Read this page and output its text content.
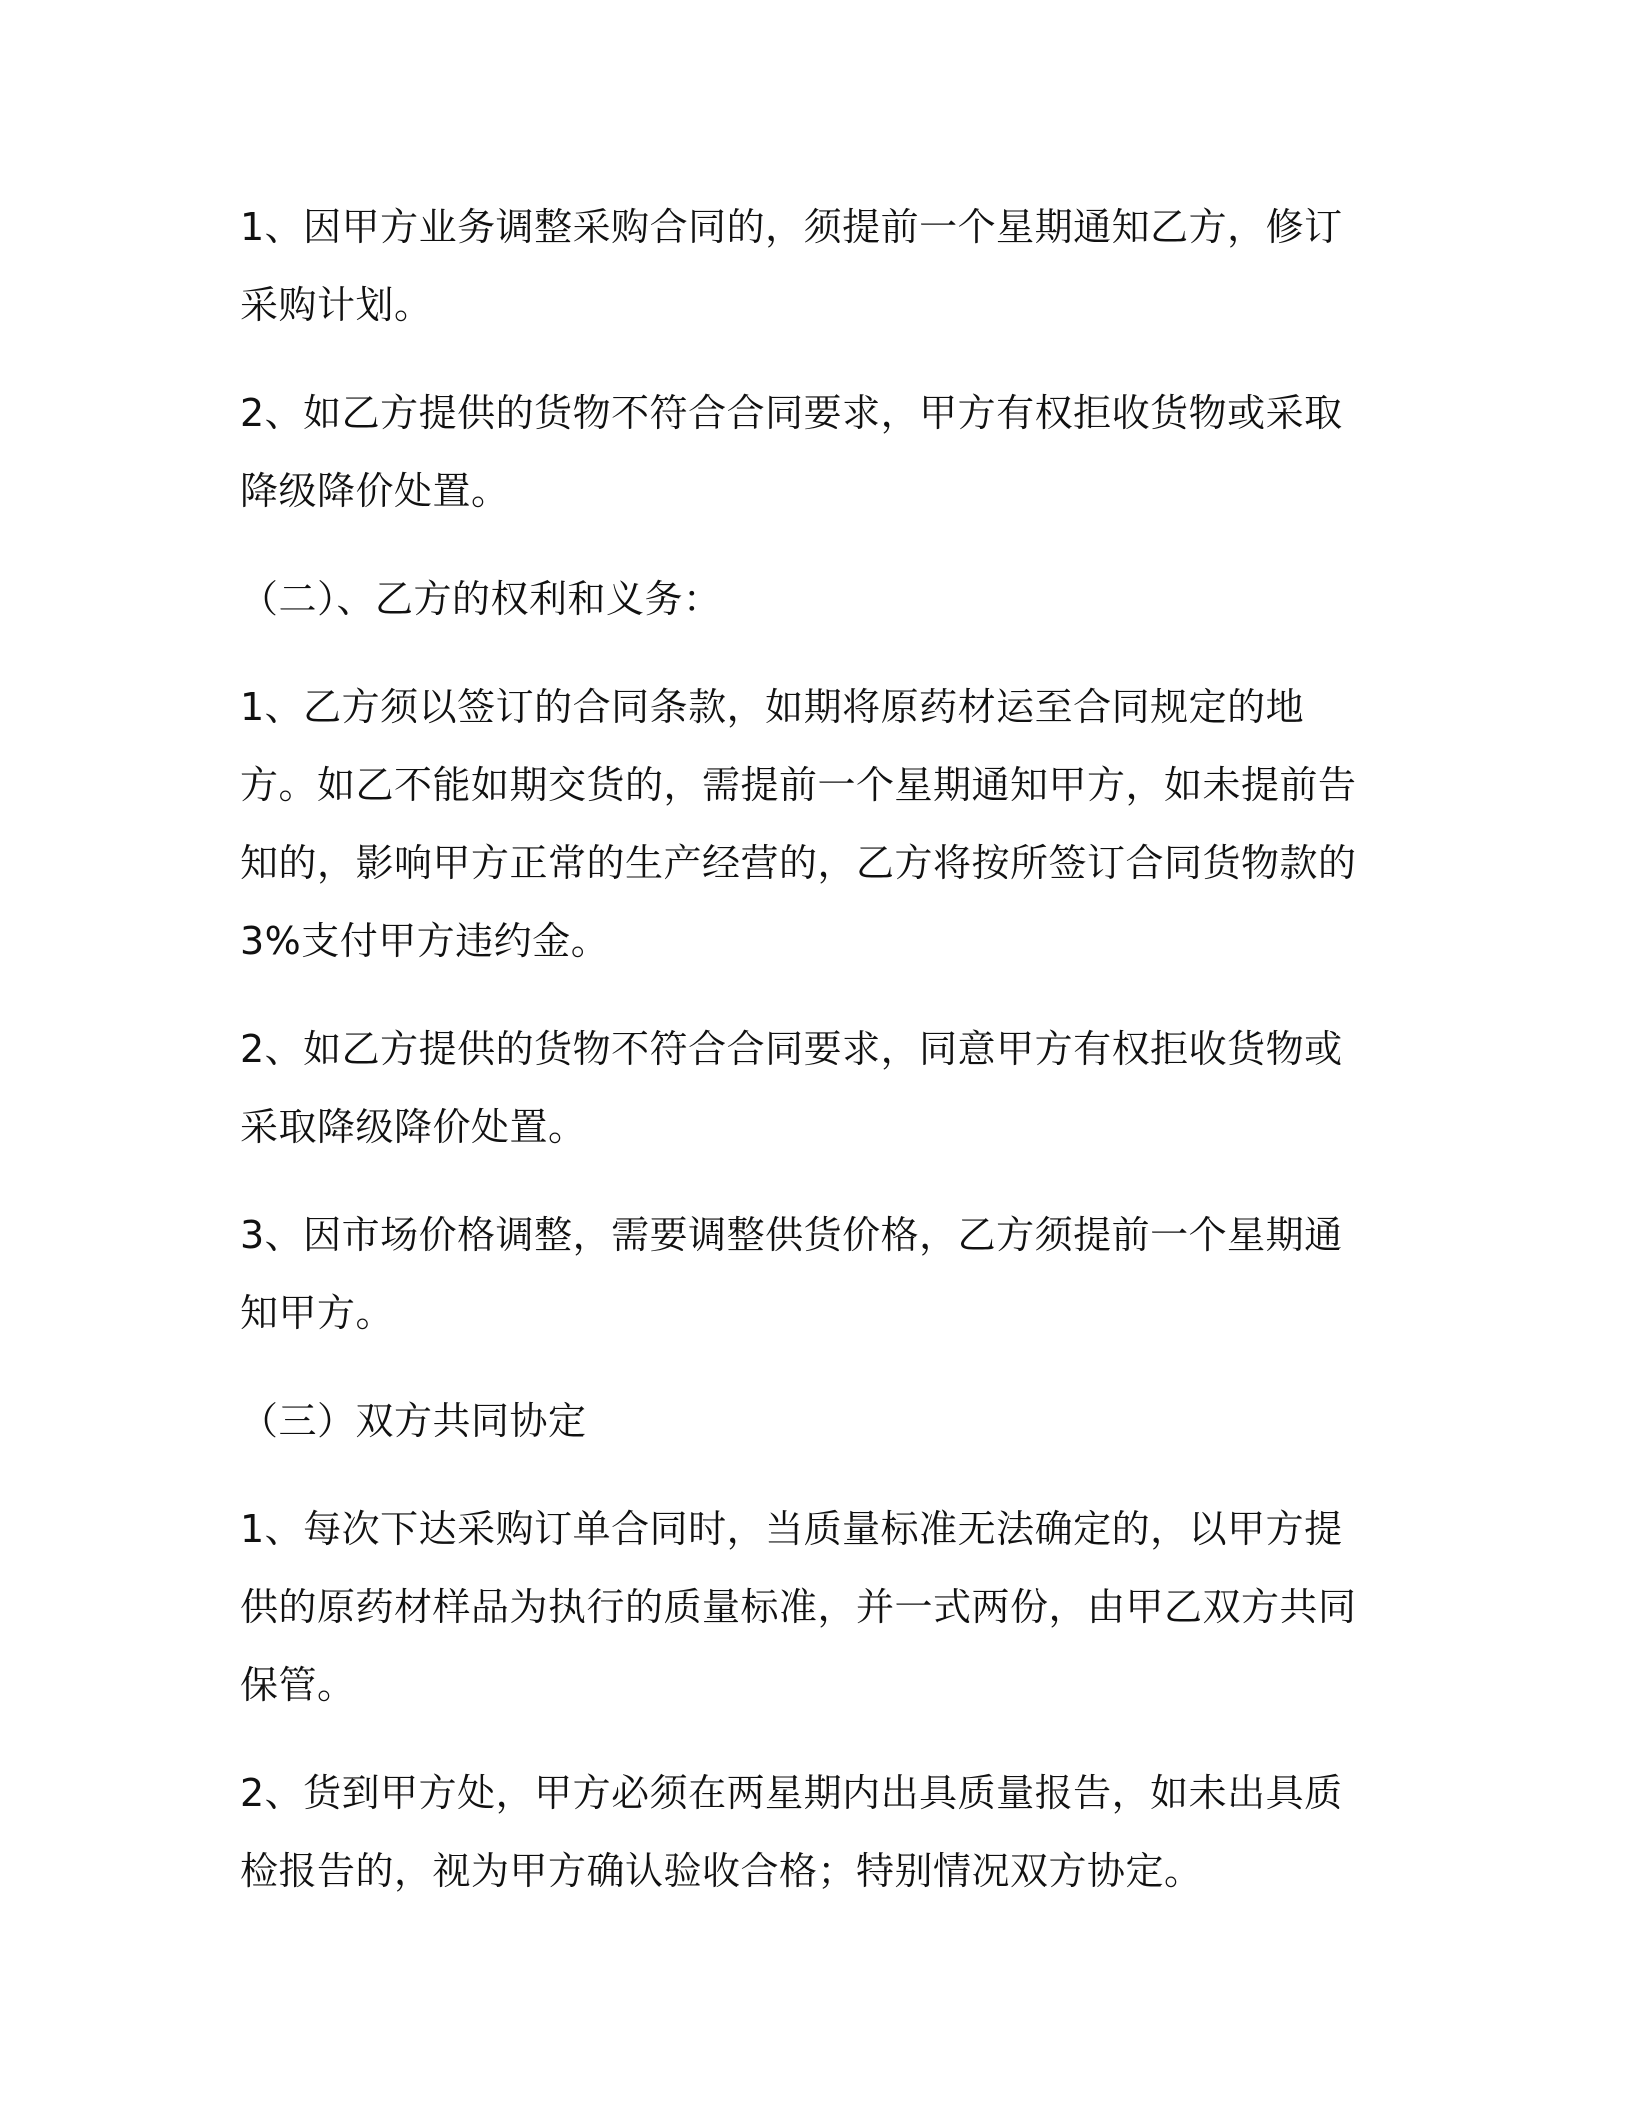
1、因甲方业务调整采购合同的，须提前一个星期通知乙方，修订采购计划。

2、如乙方提供的货物不符合合同要求，甲方有权拒收货物或采取降级降价处置。

（二）、乙方的权利和义务：

1、乙方须以签订的合同条款，如期将原药材运至合同规定的地方。如乙不能如期交货的，需提前一个星期通知甲方，如未提前告知的，影响甲方正常的生产经营的，乙方将按所签订合同货物款的 3%支付甲方违约金。

2、如乙方提供的货物不符合合同要求，同意甲方有权拒收货物或采取降级降价处置。

3、因市场价格调整，需要调整供货价格，乙方须提前一个星期通知甲方。

（三）双方共同协定

1、每次下达采购订单合同时，当质量标准无法确定的，以甲方提供的原药材样品为执行的质量标准，并一式两份，由甲乙双方共同保管。

2、货到甲方处，甲方必须在两星期内出具质量报告，如未出具质检报告的，视为甲方确认验收合格；特别情况双方协定。
